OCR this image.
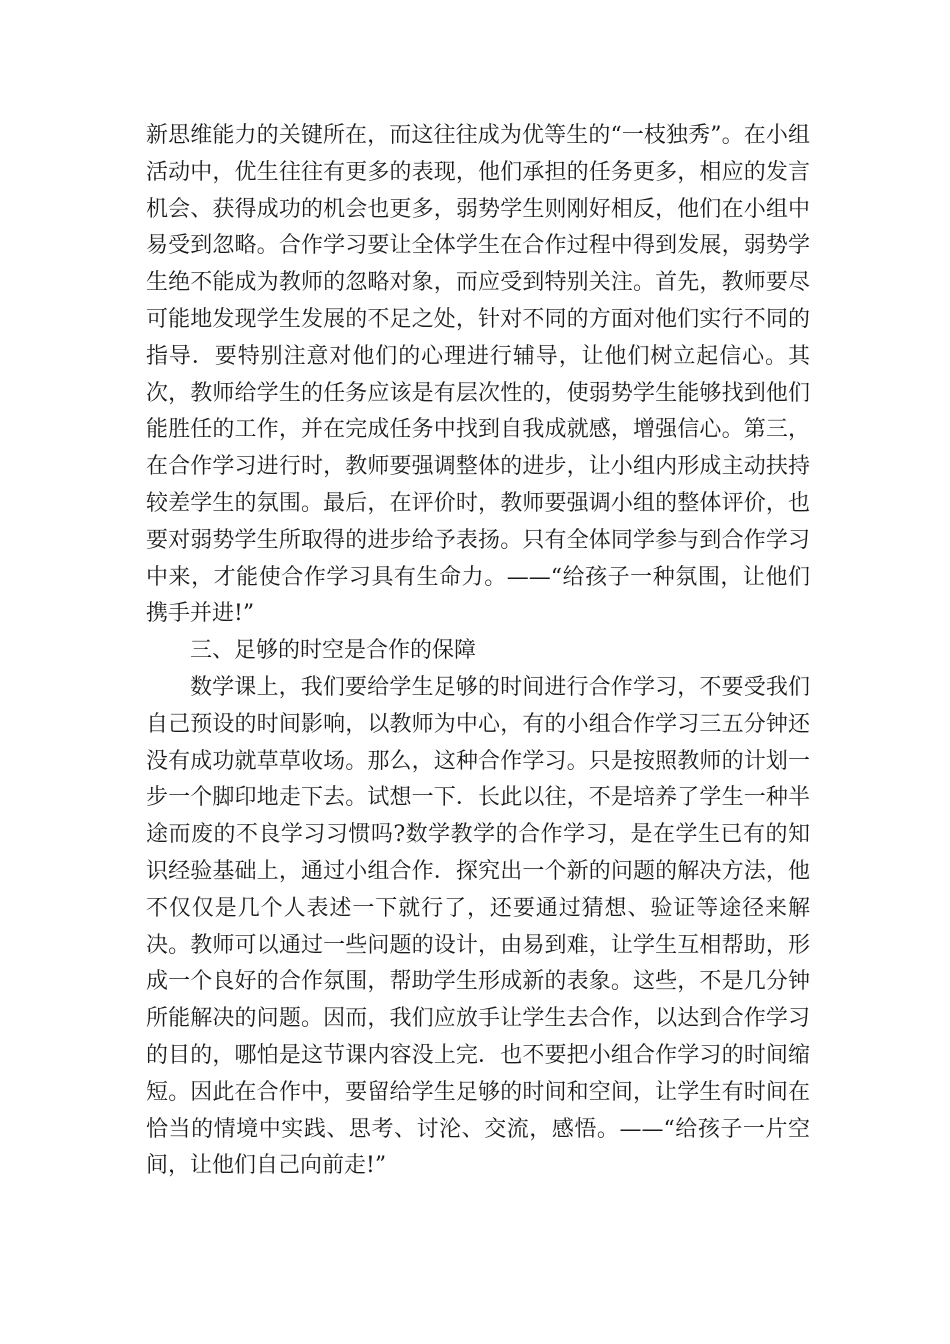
新思维能力的关键所在，而这往往成为优等生的“一枝独秀”。在小组活动中，优生往往有更多的表现，他们承担的任务更多，相应的发言机会、获得成功的机会也更多，弱势学生则刚好相反，他们在小组中易受到忽略。合作学习要让全体学生在合作过程中得到发展，弱势学生绝不能成为教师的忽略对象，而应受到特别关注。首先，教师要尽可能地发现学生发展的不足之处，针对不同的方面对他们实行不同的指导．要特别注意对他们的心理进行辅导，让他们树立起信心。其次，教师给学生的任务应该是有层次性的，使弱势学生能够找到他们能胜任的工作，并在完成任务中找到自我成就感，增强信心。第三，在合作学习进行时，教师要强调整体的进步，让小组内形成主动扶持较差学生的氛围。最后，在评价时，教师要强调小组的整体评价，也要对弱势学生所取得的进步给予表扬。只有全体同学参与到合作学习中来，才能使合作学习具有生命力。——“给孩子一种氛围，让他们携手并进!”

三、足够的时空是合作的保障

数学课上，我们要给学生足够的时间进行合作学习，不要受我们自己预设的时间影响，以教师为中心，有的小组合作学习三五分钟还没有成功就草草收场。那么，这种合作学习。只是按照教师的计划一步一个脚印地走下去。试想一下．长此以往，不是培养了学生一种半途而废的不良学习习惯吗?数学教学的合作学习，是在学生已有的知识经验基础上，通过小组合作．探究出一个新的问题的解决方法，他不仅仅是几个人表述一下就行了，还要通过猜想、验证等途径来解决。教师可以通过一些问题的设计，由易到难，让学生互相帮助，形成一个良好的合作氛围，帮助学生形成新的表象。这些，不是几分钟所能解决的问题。因而，我们应放手让学生去合作，以达到合作学习的目的，哪怕是这节课内容没上完．也不要把小组合作学习的时间缩短。因此在合作中，要留给学生足够的时间和空间，让学生有时间在恰当的情境中实践、思考、讨沦、交流，感悟。——“给孩子一片空间，让他们自己向前走!”
